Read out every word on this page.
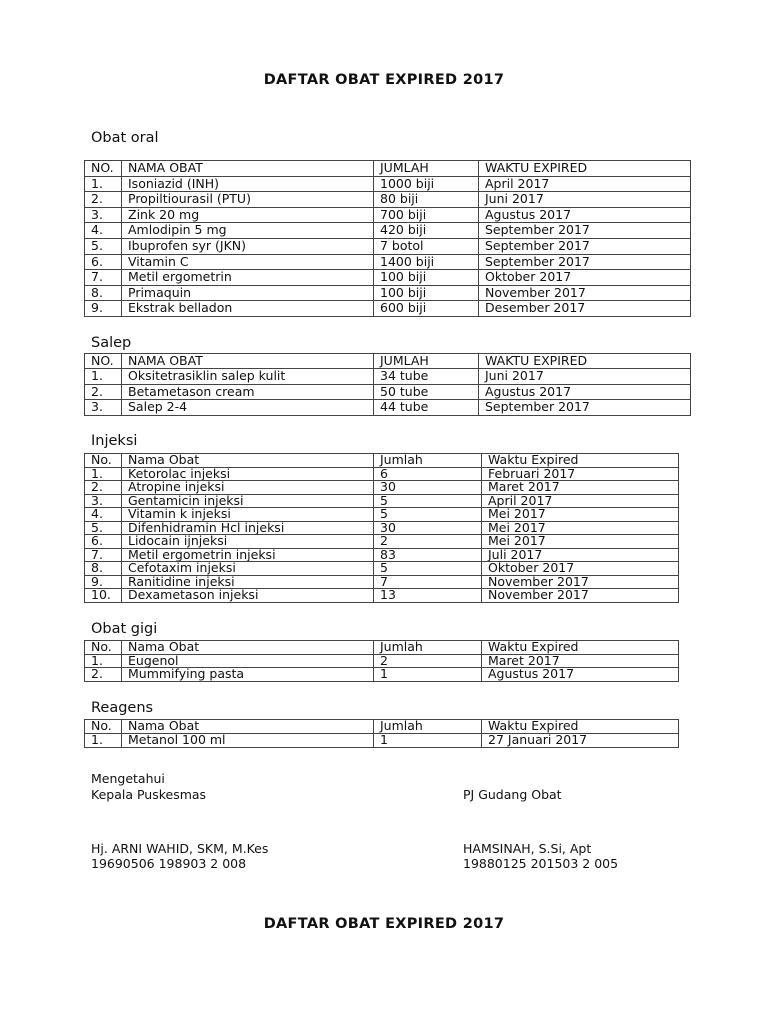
DAFTAR OBAT EXPIRED 2017
Obat oral
NO.	NAMA OBAT	JUMLAH	WAKTU EXPIRED
1.	Isoniazid (INH)	1000 biji	April 2017
2.	Propiltiourasil (PTU)	80 biji	Juni 2017
3.	Zink 20 mg	700 biji	Agustus 2017
4.	Amlodipin 5 mg	420 biji	September 2017
5.	Ibuprofen syr (JKN)	7 botol	September 2017
6.	Vitamin C	1400 biji	September 2017
7.	Metil ergometrin	100 biji	Oktober 2017
8.	Primaquin	100 biji	November 2017
9.	Ekstrak belladon	600 biji	Desember 2017
Salep
NO.	NAMA OBAT	JUMLAH	WAKTU EXPIRED
1.	Oksitetrasiklin salep kulit	34 tube	Juni 2017
2.	Betametason cream	50 tube	Agustus 2017
3.	Salep 2-4	44 tube	September 2017
Injeksi
No.	Nama Obat	Jumlah	Waktu Expired
1.	Ketorolac injeksi	6	Februari 2017
2.	Atropine injeksi	30	Maret 2017
3.	Gentamicin injeksi	5	April 2017
4.	Vitamin k injeksi	5	Mei 2017
5.	Difenhidramin Hcl injeksi	30	Mei 2017
6.	Lidocain ijnjeksi	2	Mei 2017
7.	Metil ergometrin injeksi	83	Juli 2017
8.	Cefotaxim injeksi	5	Oktober 2017
9.	Ranitidine injeksi	7	November 2017
10.	Dexametason injeksi	13	November 2017
Obat gigi
No.	Nama Obat	Jumlah	Waktu Expired
1.	Eugenol	2	Maret 2017
2.	Mummifying pasta	1	Agustus 2017
Reagens
No.	Nama Obat	Jumlah	Waktu Expired
1.	Metanol 100 ml	1	27 Januari 2017
Mengetahui
Kepala Puskesmas	PJ Gudang Obat
Hj. ARNI WAHID, SKM, M.Kes
19690506 198903 2 008
HAMSINAH, S.Si, Apt
19880125 201503 2 005
DAFTAR OBAT EXPIRED 2017
